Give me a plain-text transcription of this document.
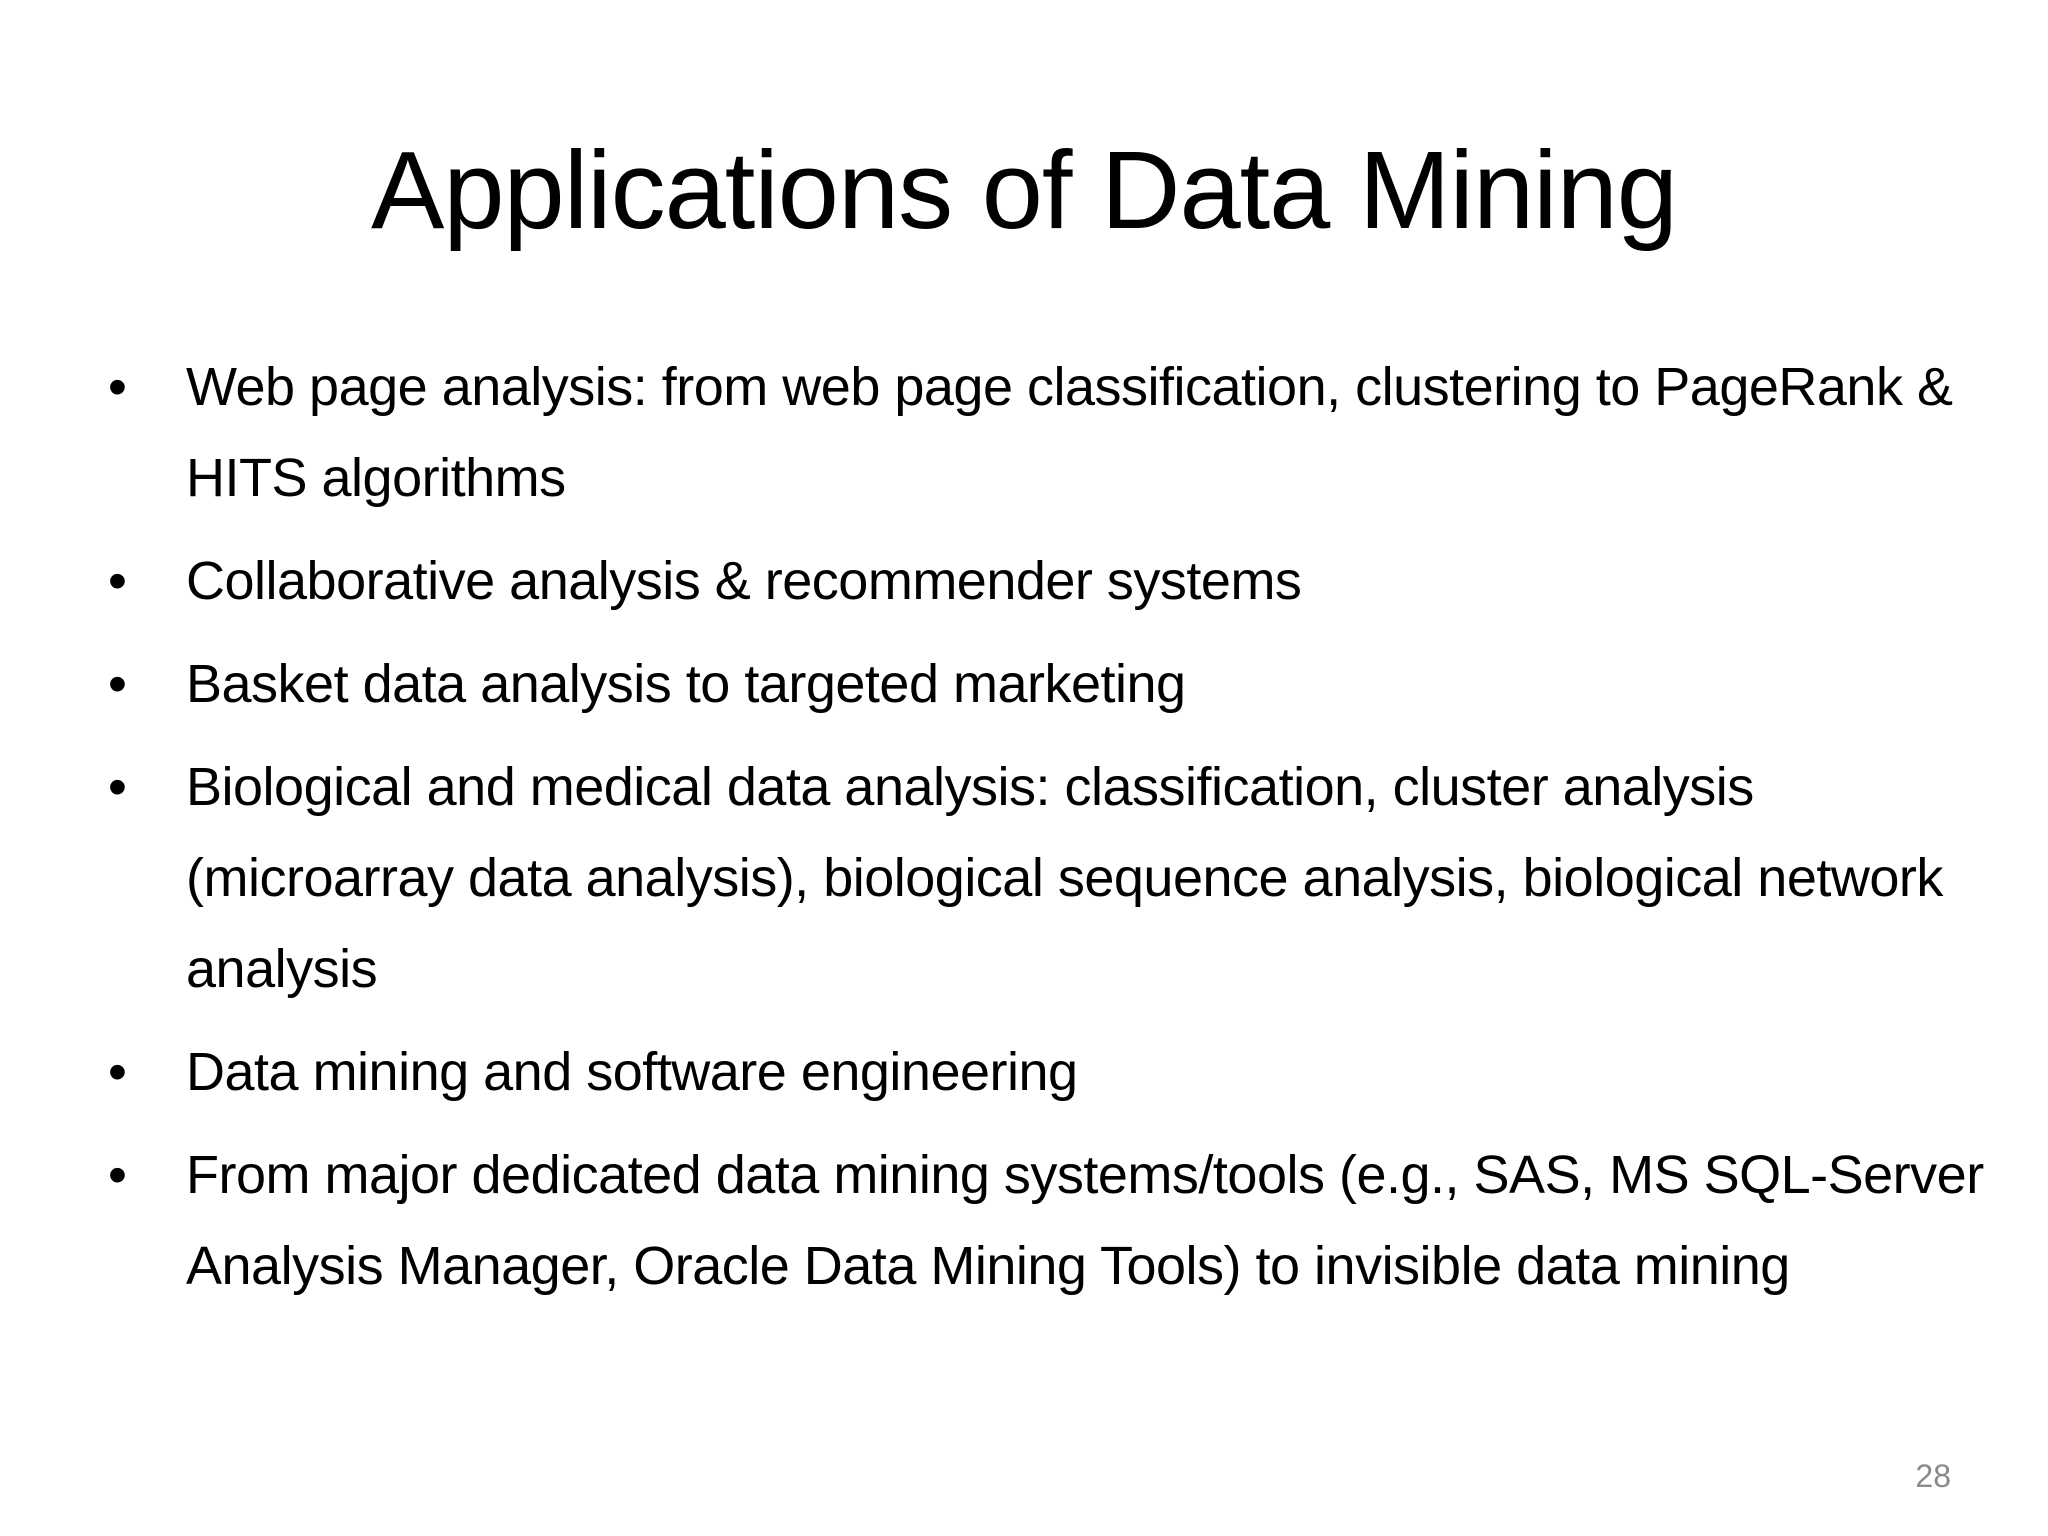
Applications of Data Mining
• Web page analysis: from web page classification, clustering to PageRank & HITS algorithms
• Collaborative analysis & recommender systems
• Basket data analysis to targeted marketing
• Biological and medical data analysis: classification, cluster analysis (microarray data analysis), biological sequence analysis, biological network analysis
• Data mining and software engineering
• From major dedicated data mining systems/tools (e.g., SAS, MS SQL-Server Analysis Manager, Oracle Data Mining Tools) to invisible data mining
28
